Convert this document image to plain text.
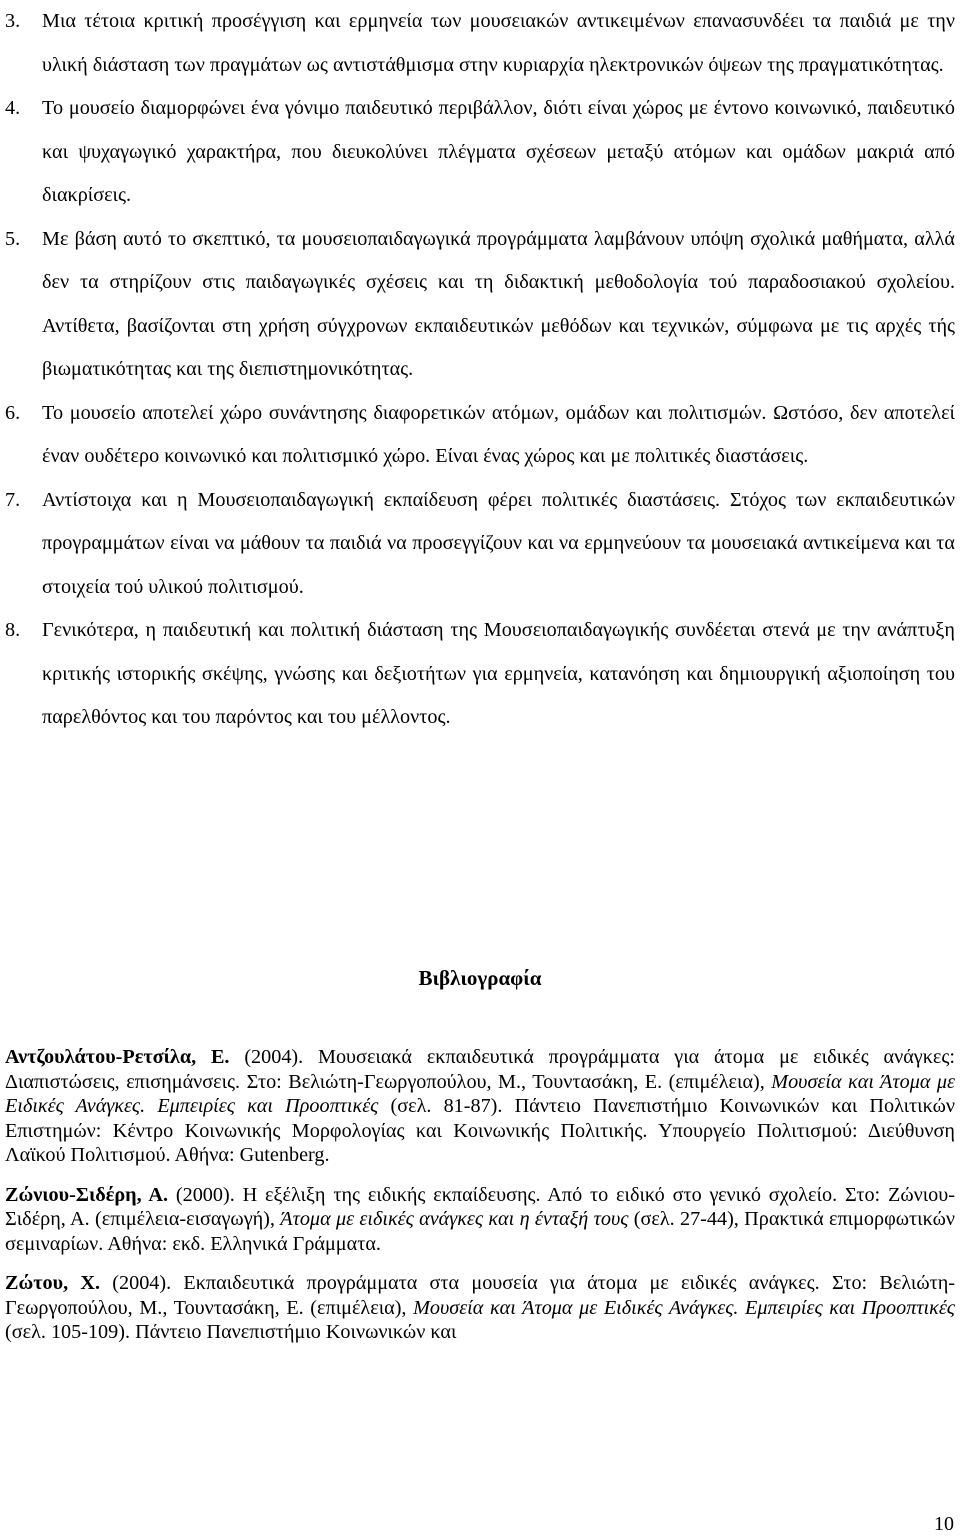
3. Μια τέτοια κριτική προσέγγιση και ερμηνεία των μουσειακών αντικειμένων επανασυνδέει τα παιδιά με την υλική διάσταση των πραγμάτων ως αντιστάθμισμα στην κυριαρχία ηλεκτρονικών όψεων της πραγματικότητας.
4. Το μουσείο διαμορφώνει ένα γόνιμο παιδευτικό περιβάλλον, διότι είναι χώρος με έντονο κοινωνικό, παιδευτικό και ψυχαγωγικό χαρακτήρα, που διευκολύνει πλέγματα σχέσεων μεταξύ ατόμων και ομάδων μακριά από διακρίσεις.
5. Με βάση αυτό το σκεπτικό, τα μουσειοπαιδαγωγικά προγράμματα λαμβάνουν υπόψη σχολικά μαθήματα, αλλά δεν τα στηρίζουν στις παιδαγωγικές σχέσεις και τη διδακτική μεθοδολογία τού παραδοσιακού σχολείου. Αντίθετα, βασίζονται στη χρήση σύγχρονων εκπαιδευτικών μεθόδων και τεχνικών, σύμφωνα με τις αρχές τής βιωματικότητας και της διεπιστημονικότητας.
6. Το μουσείο αποτελεί χώρο συνάντησης διαφορετικών ατόμων, ομάδων και πολιτισμών. Ωστόσο, δεν αποτελεί έναν ουδέτερο κοινωνικό και πολιτισμικό χώρο. Είναι ένας χώρος και με πολιτικές διαστάσεις.
7. Αντίστοιχα και η Μουσειοπαιδαγωγική εκπαίδευση φέρει πολιτικές διαστάσεις. Στόχος των εκπαιδευτικών προγραμμάτων είναι να μάθουν τα παιδιά να προσεγγίζουν και να ερμηνεύουν τα μουσειακά αντικείμενα και τα στοιχεία τού υλικού πολιτισμού.
8. Γενικότερα, η παιδευτική και πολιτική διάσταση της Μουσειοπαιδαγωγικής συνδέεται στενά με την ανάπτυξη κριτικής ιστορικής σκέψης, γνώσης και δεξιοτήτων για ερμηνεία, κατανόηση και δημιουργική αξιοποίηση του παρελθόντος και του παρόντος και του μέλλοντος.
Βιβλιογραφία

Αντζουλάτου-Ρετσίλα, Ε. (2004). Μουσειακά εκπαιδευτικά προγράμματα για άτομα με ειδικές ανάγκες: Διαπιστώσεις, επισημάνσεις. Στο: Βελιώτη-Γεωργοπούλου, Μ., Τουντασάκη, Ε. (επιμέλεια), Μουσεία και Άτομα με Ειδικές Ανάγκες. Εμπειρίες και Προοπτικές (σελ. 81-87). Πάντειο Πανεπιστήμιο Κοινωνικών και Πολιτικών Επιστημών: Κέντρο Κοινωνικής Μορφολογίας και Κοινωνικής Πολιτικής. Υπουργείο Πολιτισμού: Διεύθυνση Λαϊκού Πολιτισμού. Αθήνα: Gutenberg.

Ζώνιου-Σιδέρη, Α. (2000). Η εξέλιξη της ειδικής εκπαίδευσης. Από το ειδικό στο γενικό σχολείο. Στο: Ζώνιου-Σιδέρη, Α. (επιμέλεια-εισαγωγή), Άτομα με ειδικές ανάγκες και η ένταξή τους (σελ. 27-44), Πρακτικά επιμορφωτικών σεμιναρίων. Αθήνα: εκδ. Ελληνικά Γράμματα.

Ζώτου, Χ. (2004). Εκπαιδευτικά προγράμματα στα μουσεία για άτομα με ειδικές ανάγκες. Στο: Βελιώτη-Γεωργοπούλου, Μ., Τουντασάκη, Ε. (επιμέλεια), Μουσεία και Άτομα με Ειδικές Ανάγκες. Εμπειρίες και Προοπτικές (σελ. 105-109). Πάντειο Πανεπιστήμιο Κοινωνικών και

10
